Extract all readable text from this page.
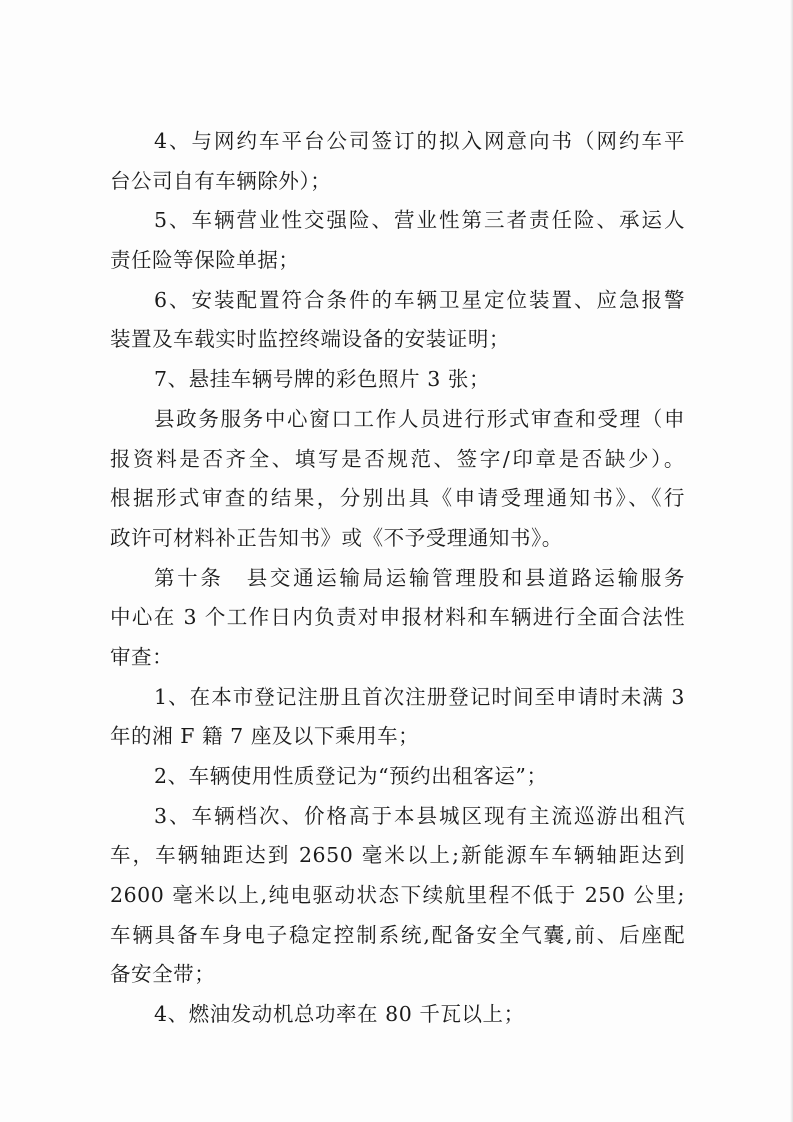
4、与网约车平台公司签订的拟入网意向书（网约车平
台公司自有车辆除外）；
5、车辆营业性交强险、营业性第三者责任险、承运人
责任险等保险单据；
6、安装配置符合条件的车辆卫星定位装置、应急报警
装置及车载实时监控终端设备的安装证明；
7、悬挂车辆号牌的彩色照片 3 张；
县政务服务中心窗口工作人员进行形式审查和受理（申
报资料是否齐全、填写是否规范、签字/印章是否缺少）。
根据形式审查的结果，分别出具《申请受理通知书》、《行
政许可材料补正告知书》或《不予受理通知书》。
第十条　县交通运输局运输管理股和县道路运输服务
中心在 3 个工作日内负责对申报材料和车辆进行全面合法性
审查：
1、在本市登记注册且首次注册登记时间至申请时未满 3
年的湘 F 籍 7 座及以下乘用车；
2、车辆使用性质登记为“预约出租客运”；
3、车辆档次、价格高于本县城区现有主流巡游出租汽
车，车辆轴距达到 2650 毫米以上;新能源车车辆轴距达到
2600 毫米以上,纯电驱动状态下续航里程不低于 250 公里;
车辆具备车身电子稳定控制系统,配备安全气囊,前、后座配
备安全带；
4、燃油发动机总功率在 80 千瓦以上；
